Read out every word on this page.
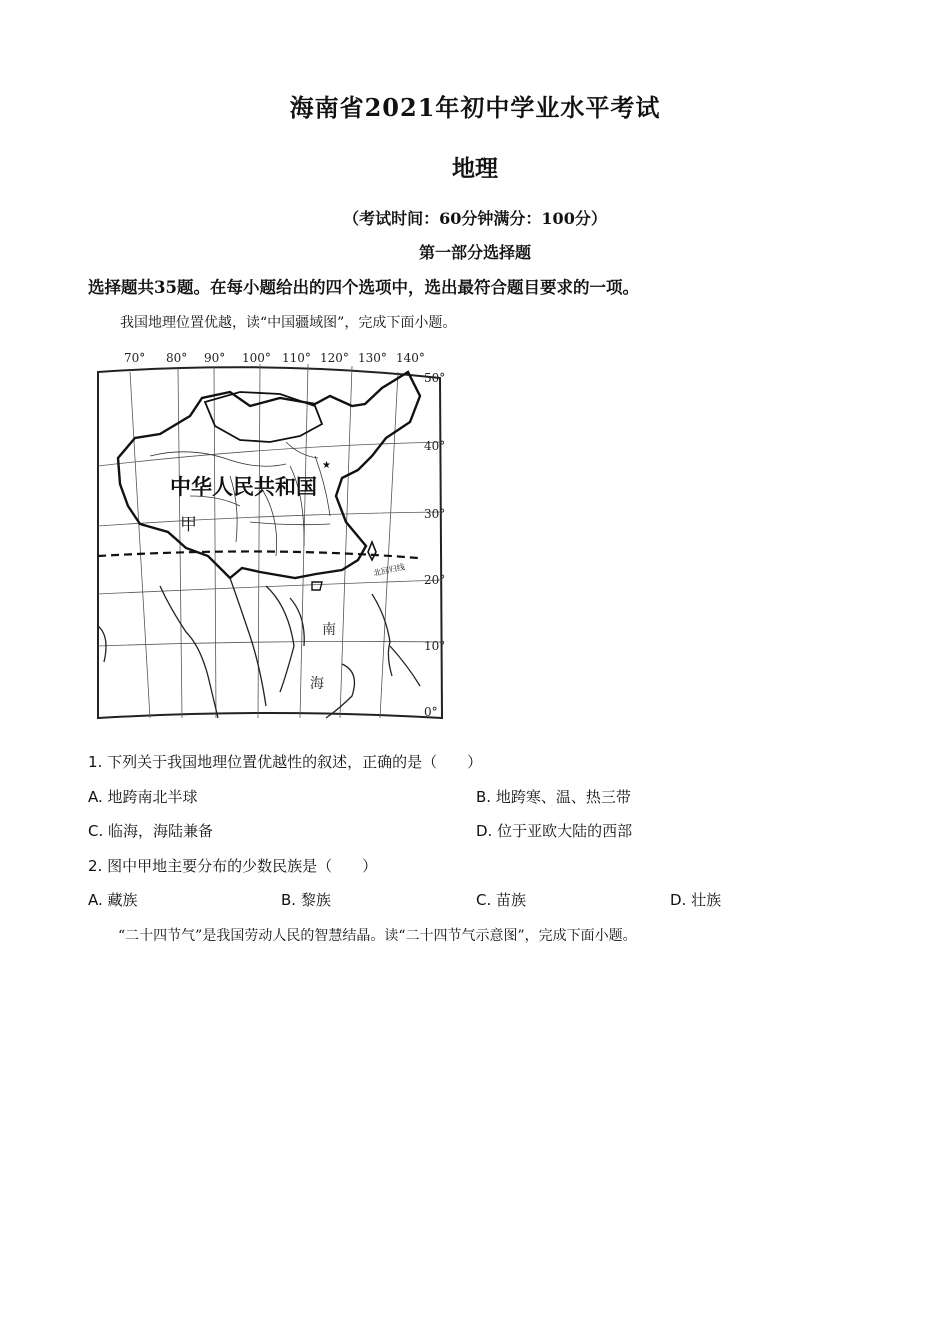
海南省2021年初中学业水平考试
地理
（考试时间：60分钟满分：100分）
第一部分选择题
选择题共35题。在每小题给出的四个选项中，选出最符合题目要求的一项。
我国地理位置优越，读“中国疆域图”，完成下面小题。
★
70° 80° 90° 100° 110° 120° 130° 140°
50°
40°
30°
20°
10°
0°
中华人民共和国
甲
北回归线
南
海
1. 下列关于我国地理位置优越性的叙述，正确的是（　　）
A. 地跨南北半球	B. 地跨寒、温、热三带
C. 临海，海陆兼备	D. 位于亚欧大陆的西部
2. 图中甲地主要分布的少数民族是（　　）
A. 藏族	B. 黎族	C. 苗族	D. 壮族
“二十四节气”是我国劳动人民的智慧结晶。读“二十四节气示意图”，完成下面小题。
